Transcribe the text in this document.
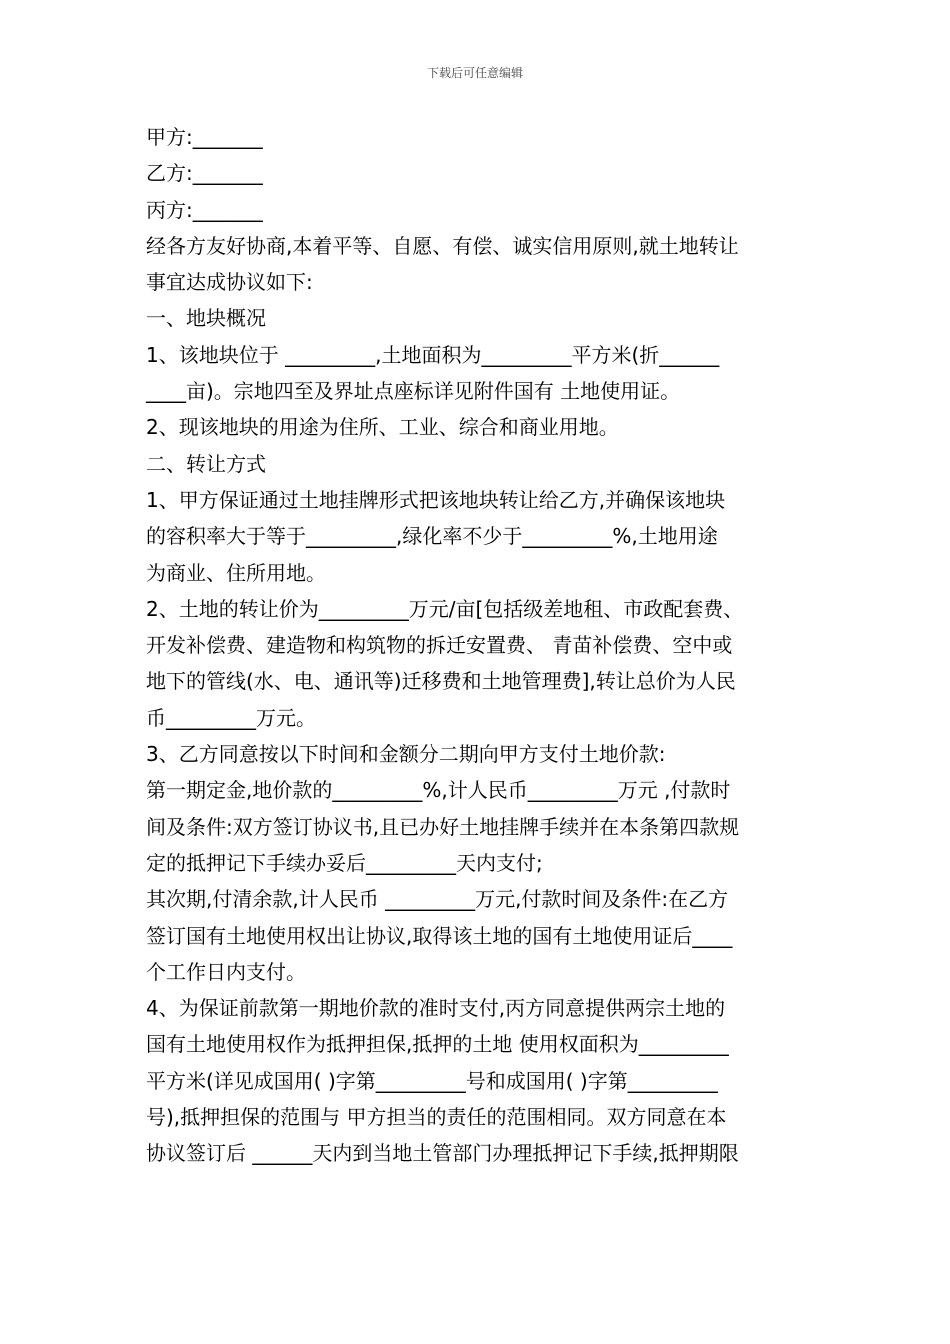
下载后可任意编辑
甲方:_______
乙方:_______
丙方:_______
经各方友好协商,本着平等、自愿、有偿、诚实信用原则,就土地转让
事宜达成协议如下:
一、地块概况
1、该地块位于 _________,土地面积为_________平方米(折______
____亩)。宗地四至及界址点座标详见附件国有 土地使用证。
2、现该地块的用途为住所、工业、综合和商业用地。
二、转让方式
1、甲方保证通过土地挂牌形式把该地块转让给乙方,并确保该地块
的容积率大于等于_________,绿化率不少于_________%,土地用途
为商业、住所用地。
2、土地的转让价为_________万元/亩[包括级差地租、市政配套费、
开发补偿费、建造物和构筑物的拆迁安置费、 青苗补偿费、空中或
地下的管线(水、电、通讯等)迁移费和土地管理费],转让总价为人民
币_________万元。
3、乙方同意按以下时间和金额分二期向甲方支付土地价款:
第一期定金,地价款的_________%,计人民币_________万元 ,付款时
间及条件:双方签订协议书,且已办好土地挂牌手续并在本条第四款规
定的抵押记下手续办妥后_________天内支付;
其次期,付清余款,计人民币 _________万元,付款时间及条件:在乙方
签订国有土地使用权出让协议,取得该土地的国有土地使用证后____
个工作日内支付。
4、为保证前款第一期地价款的准时支付,丙方同意提供两宗土地的
国有土地使用权作为抵押担保,抵押的土地 使用权面积为_________
平方米(详见成国用( )字第_________号和成国用( )字第_________
号),抵押担保的范围与 甲方担当的责任的范围相同。双方同意在本
协议签订后 ______天内到当地土管部门办理抵押记下手续,抵押期限
